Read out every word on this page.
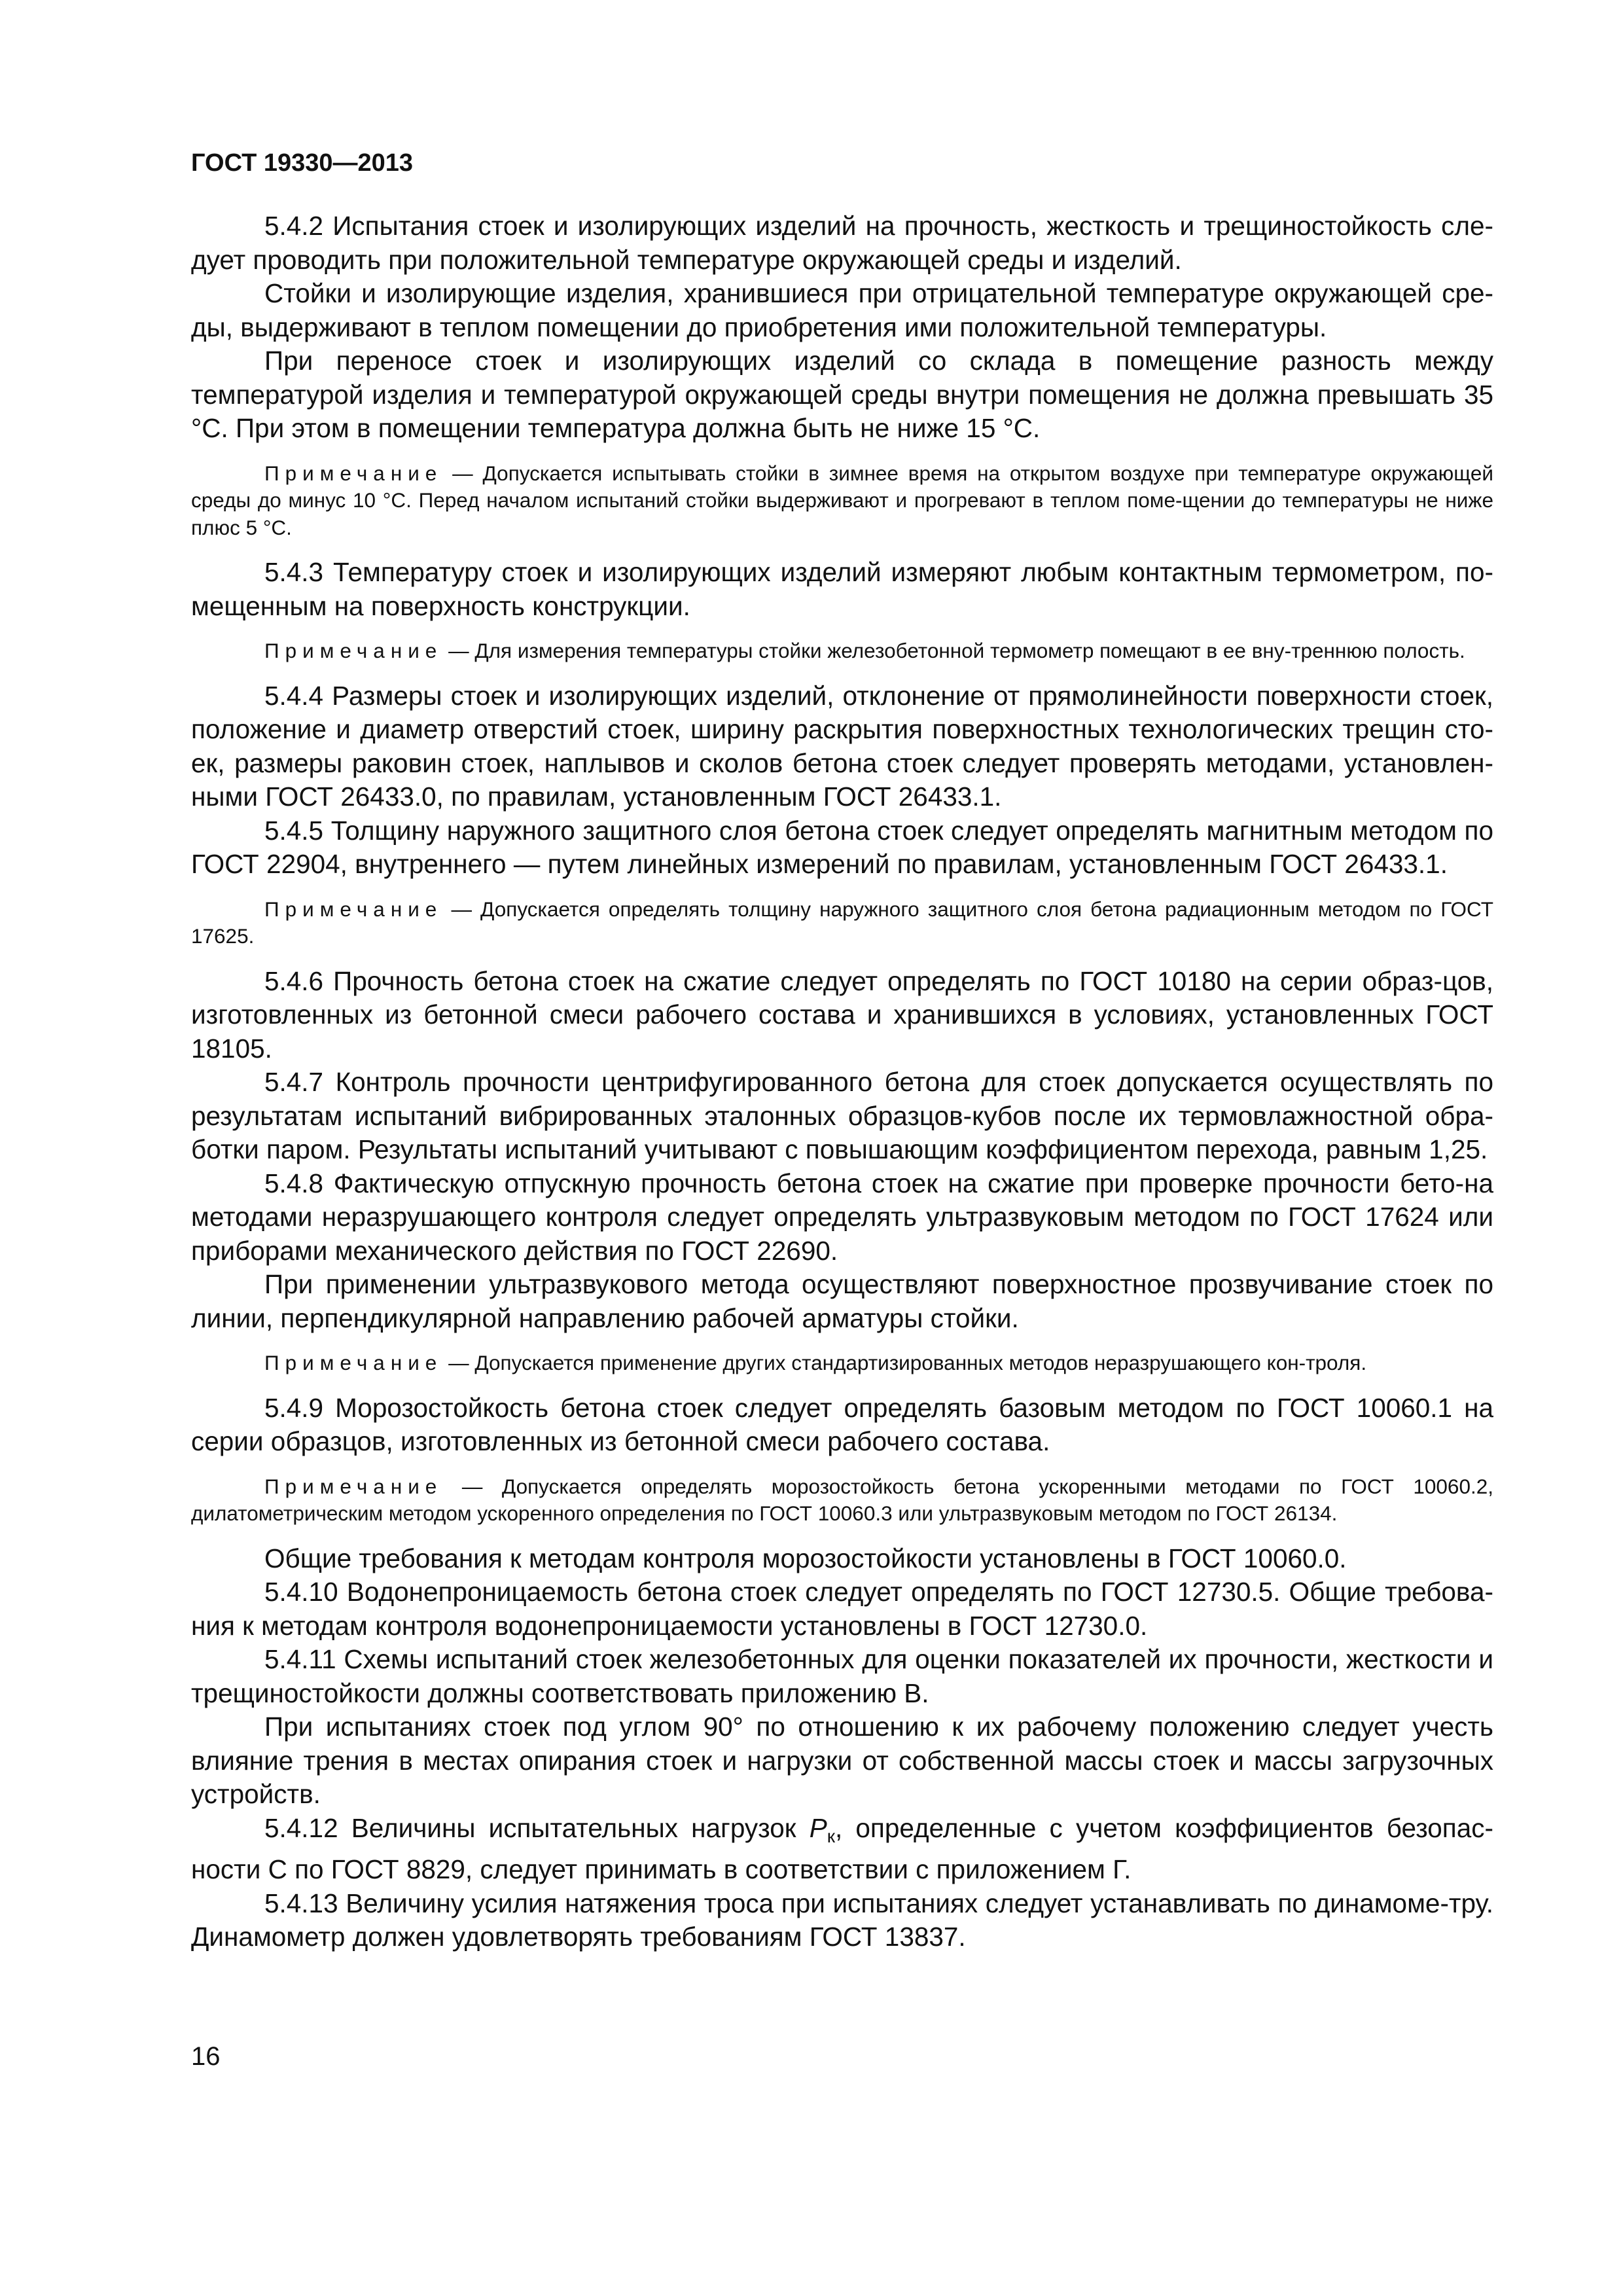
ГОСТ 19330—2013

5.4.2 Испытания стоек и изолирующих изделий на прочность, жесткость и трещиностойкость сле-дует проводить при положительной температуре окружающей среды и изделий.

Стойки и изолирующие изделия, хранившиеся при отрицательной температуре окружающей сре-ды, выдерживают в теплом помещении до приобретения ими положительной температуры.

При переносе стоек и изолирующих изделий со склада в помещение разность между температурой изделия и температурой окружающей среды внутри помещения не должна превышать 35 °С. При этом в помещении температура должна быть не ниже 15 °С.

Примечание — Допускается испытывать стойки в зимнее время на открытом воздухе при температуре окружающей среды до минус 10 °С. Перед началом испытаний стойки выдерживают и прогревают в теплом поме-щении до температуры не ниже плюс 5 °С.

5.4.3 Температуру стоек и изолирующих изделий измеряют любым контактным термометром, по-мещенным на поверхность конструкции.

Примечание — Для измерения температуры стойки железобетонной термометр помещают в ее вну-треннюю полость.

5.4.4 Размеры стоек и изолирующих изделий, отклонение от прямолинейности поверхности стоек, положение и диаметр отверстий стоек, ширину раскрытия поверхностных технологических трещин сто-ек, размеры раковин стоек, наплывов и сколов бетона стоек следует проверять методами, установлен-ными ГОСТ 26433.0, по правилам, установленным ГОСТ 26433.1.

5.4.5 Толщину наружного защитного слоя бетона стоек следует определять магнитным методом по ГОСТ 22904, внутреннего — путем линейных измерений по правилам, установленным ГОСТ 26433.1.

Примечание — Допускается определять толщину наружного защитного слоя бетона радиационным методом по ГОСТ 17625.

5.4.6 Прочность бетона стоек на сжатие следует определять по ГОСТ 10180 на серии образ-цов, изготовленных из бетонной смеси рабочего состава и хранившихся в условиях, установленных ГОСТ 18105.

5.4.7 Контроль прочности центрифугированного бетона для стоек допускается осуществлять по результатам испытаний вибрированных эталонных образцов-кубов после их термовлажностной обра-ботки паром. Результаты испытаний учитывают с повышающим коэффициентом перехода, равным 1,25.

5.4.8 Фактическую отпускную прочность бетона стоек на сжатие при проверке прочности бето-на методами неразрушающего контроля следует определять ультразвуковым методом по ГОСТ 17624 или приборами механического действия по ГОСТ 22690.

При применении ультразвукового метода осуществляют поверхностное прозвучивание стоек по линии, перпендикулярной направлению рабочей арматуры стойки.

Примечание — Допускается применение других стандартизированных методов неразрушающего кон-троля.

5.4.9 Морозостойкость бетона стоек следует определять базовым методом по ГОСТ 10060.1 на серии образцов, изготовленных из бетонной смеси рабочего состава.

Примечание — Допускается определять морозостойкость бетона ускоренными методами по ГОСТ 10060.2, дилатометрическим методом ускоренного определения по ГОСТ 10060.3 или ультразвуковым методом по ГОСТ 26134.

Общие требования к методам контроля морозостойкости установлены в ГОСТ 10060.0.

5.4.10 Водонепроницаемость бетона стоек следует определять по ГОСТ 12730.5. Общие требова-ния к методам контроля водонепроницаемости установлены в ГОСТ 12730.0.

5.4.11 Схемы испытаний стоек железобетонных для оценки показателей их прочности, жесткости и трещиностойкости должны соответствовать приложению В.

При испытаниях стоек под углом 90° по отношению к их рабочему положению следует учесть влияние трения в местах опирания стоек и нагрузки от собственной массы стоек и массы загрузочных устройств.

5.4.12 Величины испытательных нагрузок $P_к$, определенные с учетом коэффициентов безопас-ности С по ГОСТ 8829, следует принимать в соответствии с приложением Г.

5.4.13 Величину усилия натяжения троса при испытаниях следует устанавливать по динамоме-тру. Динамометр должен удовлетворять требованиям ГОСТ 13837.

16
